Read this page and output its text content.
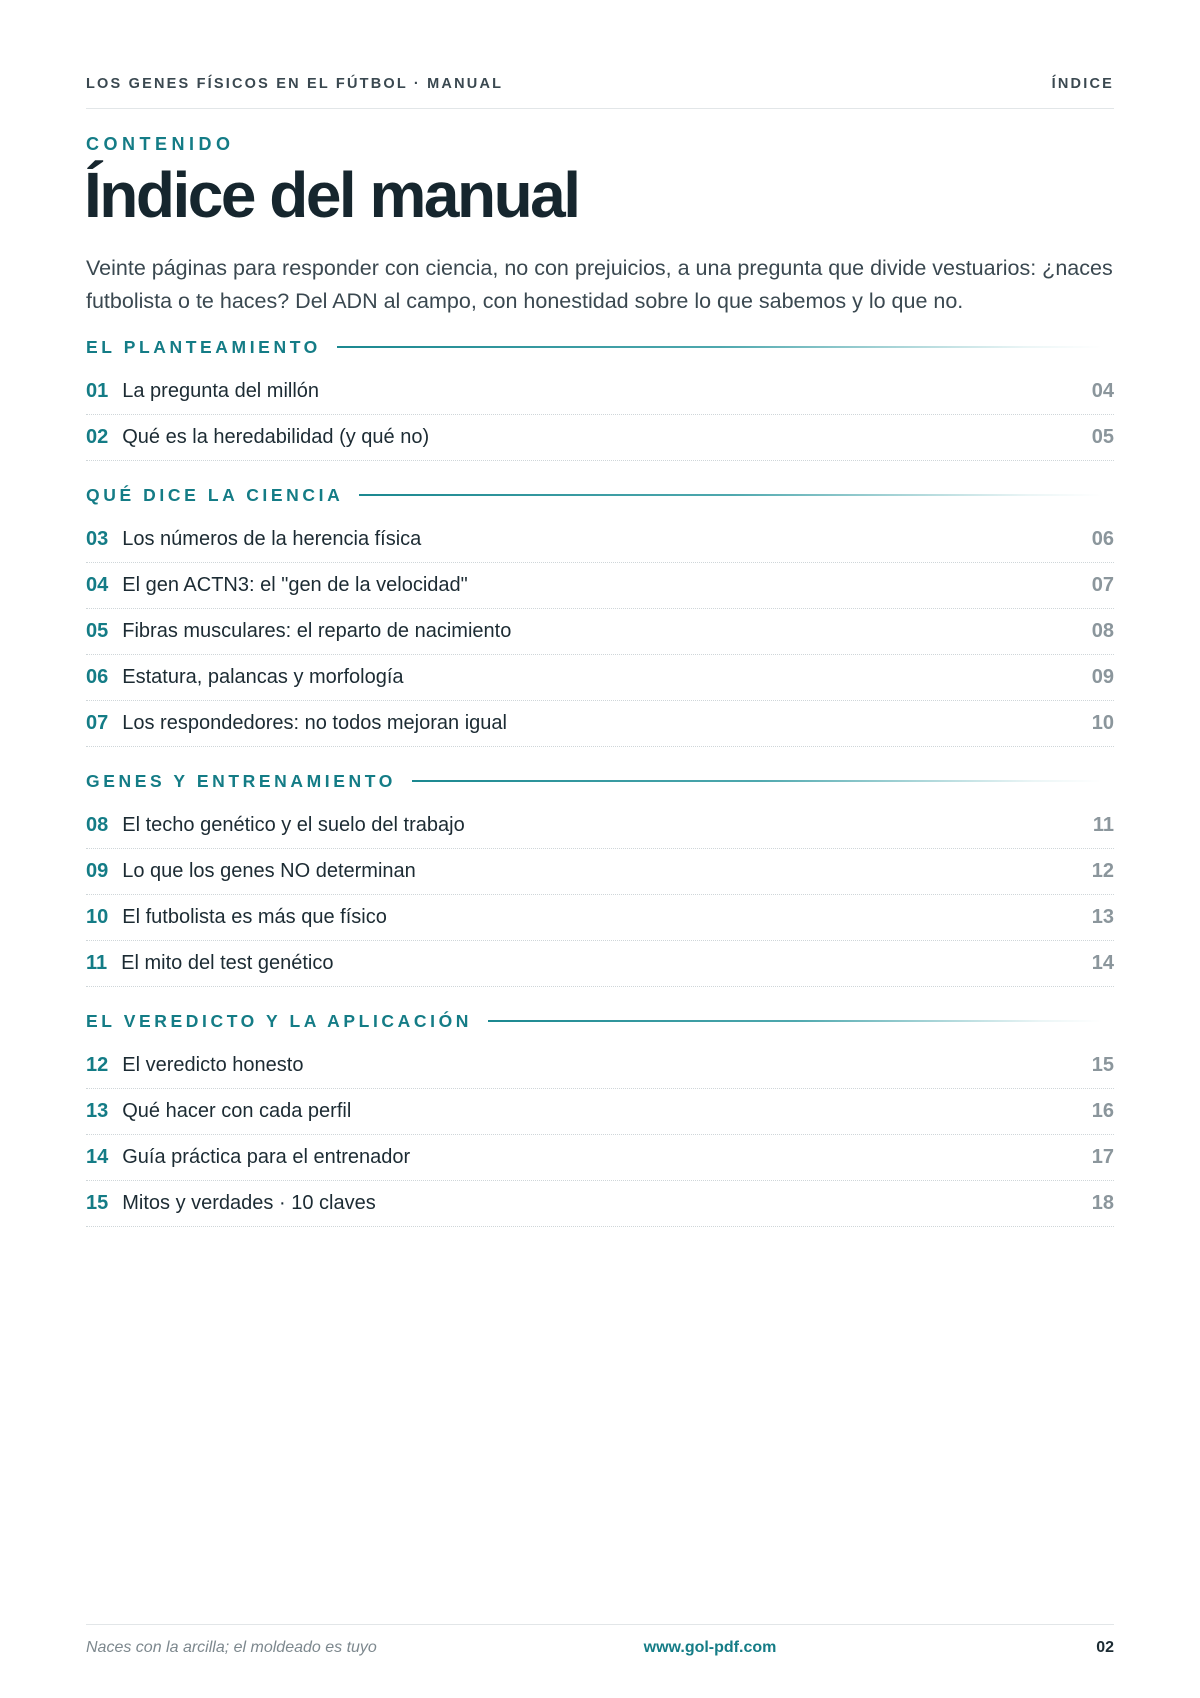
LOS GENES FÍSICOS EN EL FÚTBOL · MANUAL	ÍNDICE
CONTENIDO
Índice del manual

Veinte páginas para responder con ciencia, no con prejuicios, a una pregunta que divide vestuarios: ¿naces futbolista o te haces? Del ADN al campo, con honestidad sobre lo que sabemos y lo que no.

EL PLANTEAMIENTO
01 La pregunta del millón	04
02 Qué es la heredabilidad (y qué no)	05
QUÉ DICE LA CIENCIA
03 Los números de la herencia física	06
04 El gen ACTN3: el "gen de la velocidad"	07
05 Fibras musculares: el reparto de nacimiento	08
06 Estatura, palancas y morfología	09
07 Los respondedores: no todos mejoran igual	10
GENES Y ENTRENAMIENTO
08 El techo genético y el suelo del trabajo	11
09 Lo que los genes NO determinan	12
10 El futbolista es más que físico	13
11 El mito del test genético	14
EL VEREDICTO Y LA APLICACIÓN
12 El veredicto honesto	15
13 Qué hacer con cada perfil	16
14 Guía práctica para el entrenador	17
15 Mitos y verdades · 10 claves	18
Naces con la arcilla; el moldeado es tuyo	www.gol-pdf.com	02
